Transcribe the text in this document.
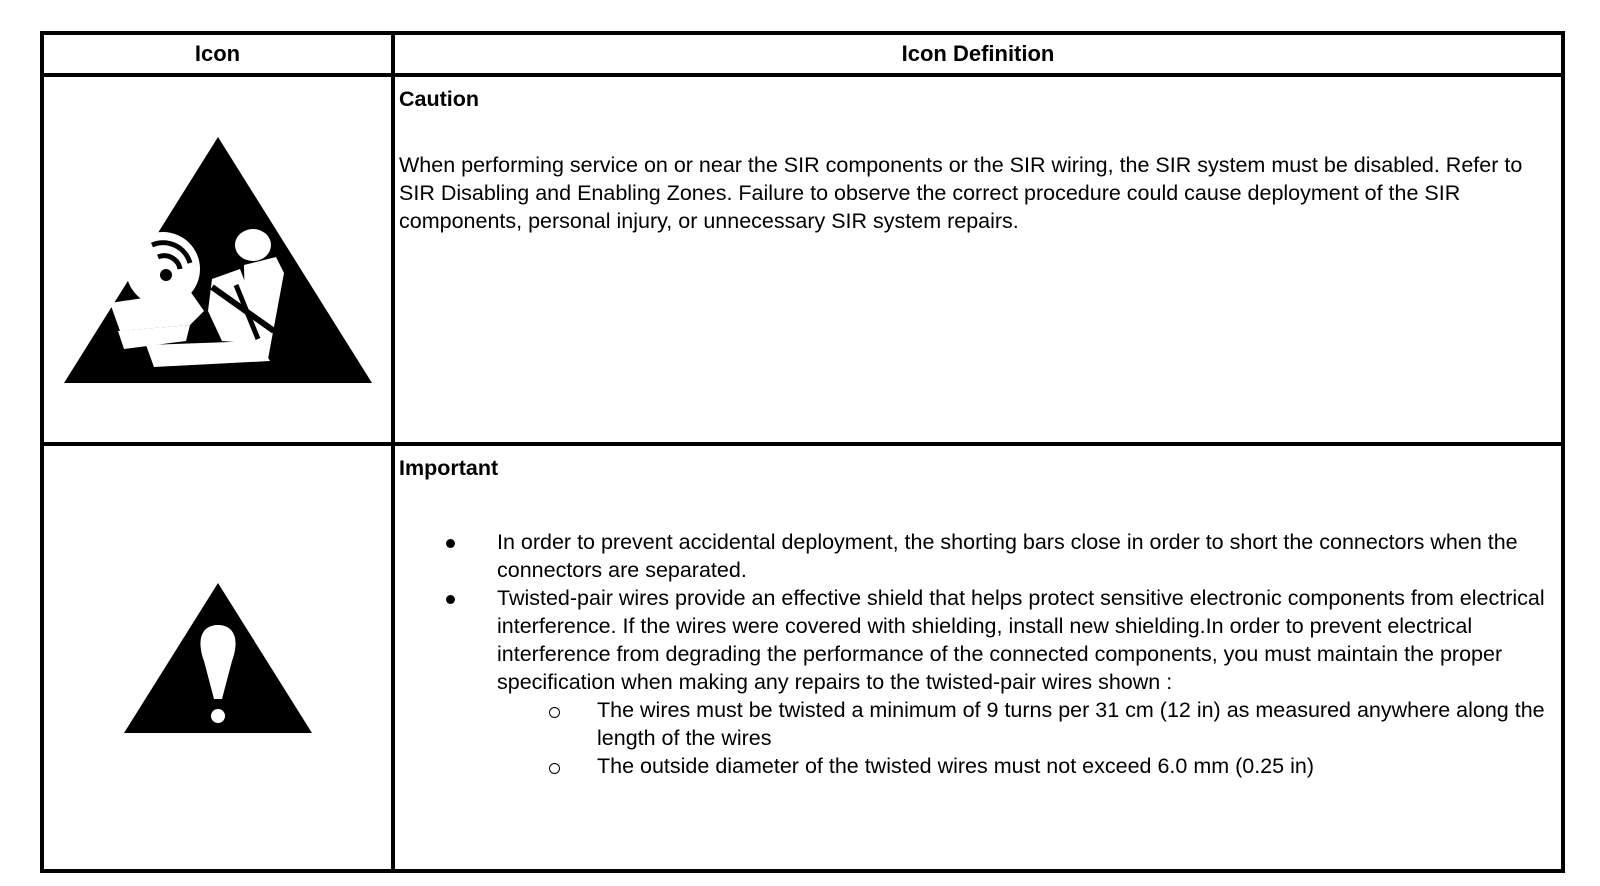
Icon	Icon Definition

Caution

When performing service on or near the SIR components or the SIR wiring, the SIR system must be disabled. Refer to SIR Disabling and Enabling Zones. Failure to observe the correct procedure could cause deployment of the SIR components, personal injury, or unnecessary SIR system repairs.

Important

In order to prevent accidental deployment, the shorting bars close in order to short the connectors when the connectors are separated.
Twisted-pair wires provide an effective shield that helps protect sensitive electronic components from electrical interference. If the wires were covered with shielding, install new shielding.In order to prevent electrical interference from degrading the performance of the connected components, you must maintain the proper specification when making any repairs to the twisted-pair wires shown :
The wires must be twisted a minimum of 9 turns per 31 cm (12 in) as measured anywhere along the length of the wires
The outside diameter of the twisted wires must not exceed 6.0 mm (0.25 in)
